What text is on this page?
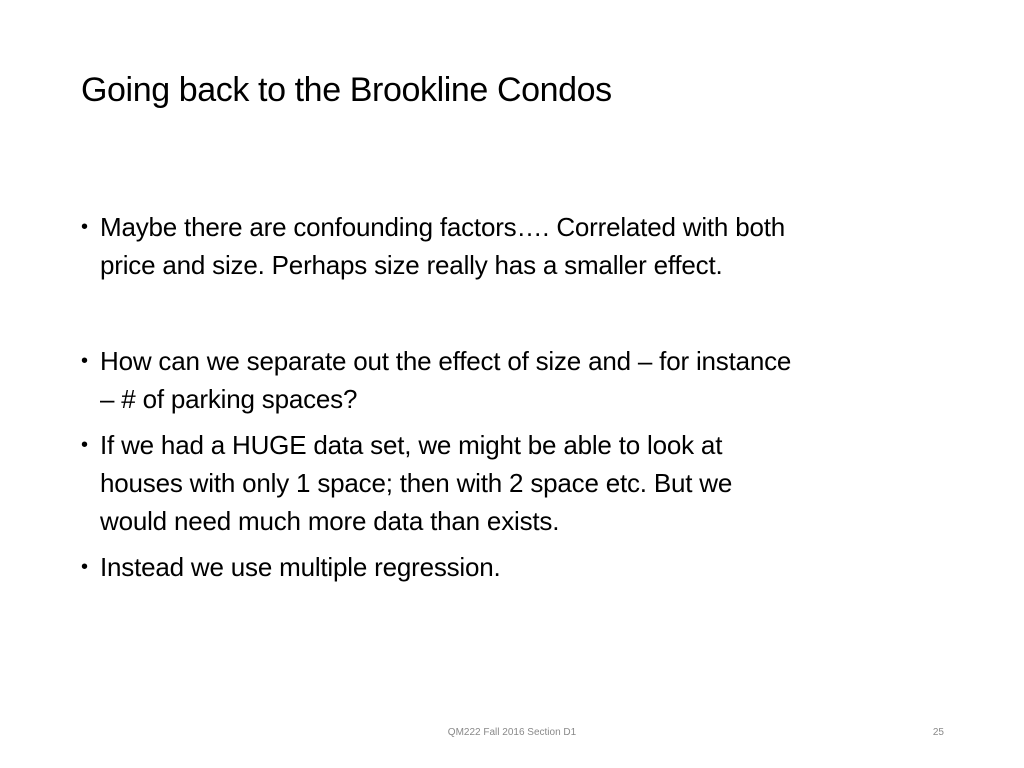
Going back to the Brookline Condos
• Maybe there are confounding factors…. Correlated with both
price and size. Perhaps size really has a smaller effect.
• How can we separate out the effect of size and – for instance
– # of parking spaces?
• If we had a HUGE data set, we might be able to look at
houses with only 1 space; then with 2 space etc. But we
would need much more data than exists.
• Instead we use multiple regression.
QM222 Fall 2016 Section D1	25
